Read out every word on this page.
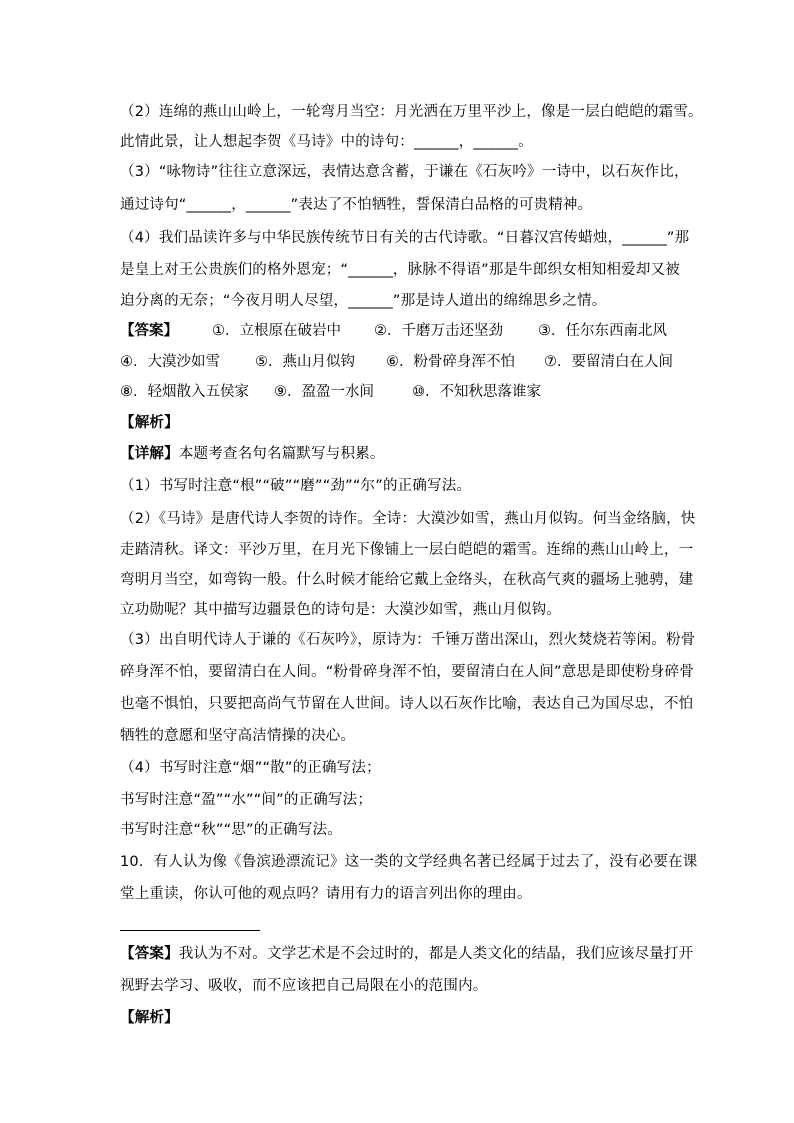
（2）连绵的燕山山岭上，一轮弯月当空：月光洒在万里平沙上，像是一层白皑皑的霜雪。
此情此景，让人想起李贺《马诗》中的诗句：______，______。
（3）“咏物诗”往往立意深远，表情达意含蓄，于谦在《石灰吟》一诗中，以石灰作比，
通过诗句“______，______”表达了不怕牺牲，誓保清白品格的可贵精神。
（4）我们品读许多与中华民族传统节日有关的古代诗歌。“日暮汉宫传蜡烛，______”那
是皇上对王公贵族们的格外恩宠；“______，脉脉不得语”那是牛郎织女相知相爱却又被
迫分离的无奈；“今夜月明人尽望，______”那是诗人道出的绵绵思乡之情。
【答案】 ①．立根原在破岩中 ②．千磨万击还坚劲 ③．任尔东西南北风
④．大漠沙如雪 ⑤．燕山月似钩 ⑥．粉骨碎身浑不怕 ⑦．要留清白在人间
⑧．轻烟散入五侯家 ⑨．盈盈一水间	⑩．不知秋思落谁家
【解析】
【详解】本题考查名句名篇默写与积累。
（1）书写时注意“根”“破”“磨”“劲”“尔”的正确写法。
（2）《马诗》是唐代诗人李贺的诗作。全诗：大漠沙如雪，燕山月似钩。何当金络脑，快
走踏清秋。译文：平沙万里，在月光下像铺上一层白皑皑的霜雪。连绵的燕山山岭上，一
弯明月当空，如弯钩一般。什么时候才能给它戴上金络头，在秋高气爽的疆场上驰骋，建
立功勋呢？其中描写边疆景色的诗句是：大漠沙如雪，燕山月似钩。
（3）出自明代诗人于谦的《石灰吟》，原诗为：千锤万凿出深山，烈火焚烧若等闲。粉骨
碎身浑不怕，要留清白在人间。“粉骨碎身浑不怕，要留清白在人间”意思是即使粉身碎骨
也毫不惧怕，只要把高尚气节留在人世间。诗人以石灰作比喻，表达自己为国尽忠，不怕
牺牲的意愿和坚守高洁情操的决心。
（4）书写时注意“烟”“散”的正确写法；
书写时注意“盈”“水”“间”的正确写法；
书写时注意“秋”“思”的正确写法。
10．有人认为像《鲁滨逊漂流记》这一类的文学经典名著已经属于过去了，没有必要在课
堂上重读，你认可他的观点吗？请用有力的语言列出你的理由。
【答案】我认为不对。文学艺术是不会过时的，都是人类文化的结晶，我们应该尽量打开
视野去学习、吸收，而不应该把自己局限在小的范围内。
【解析】
